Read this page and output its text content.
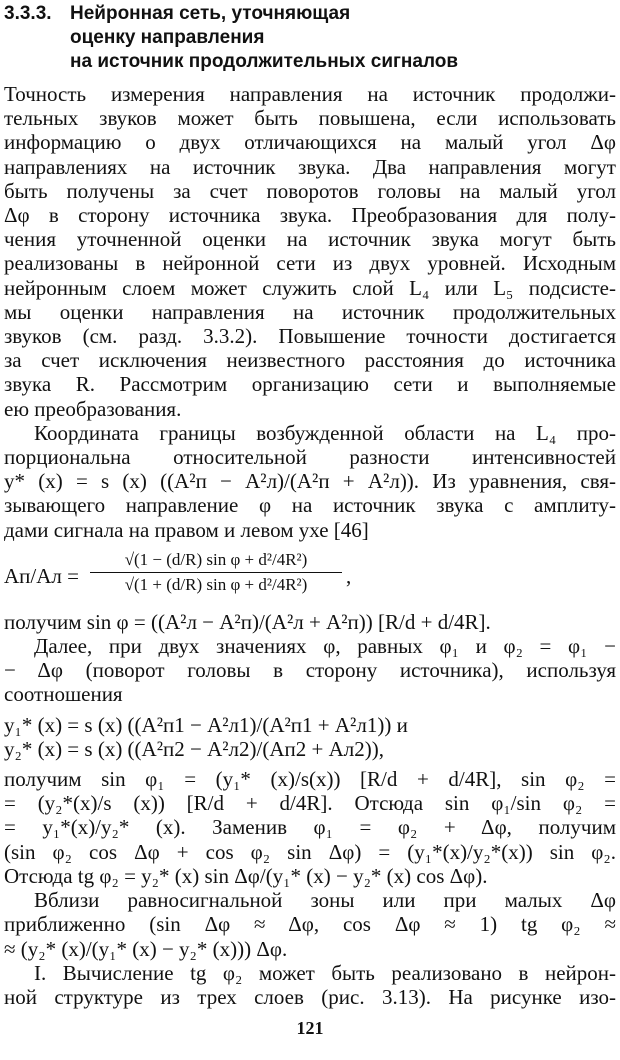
3.3.3. Нейронная сеть, уточняющая
оценку направления
на источник продолжительных сигналов
Точность измерения направления на источник продолжи-
тельных звуков может быть повышена, если использовать
информацию о двух отличающихся на малый угол Δφ
направлениях на источник звука. Два направления могут
быть получены за счет поворотов головы на малый угол
Δφ в сторону источника звука. Преобразования для полу-
чения уточненной оценки на источник звука могут быть
реализованы в нейронной сети из двух уровней. Исходным
нейронным слоем может служить слой L₄ или L₅ подсисте-
мы оценки направления на источник продолжительных
звуков (см. разд. 3.3.2). Повышение точности достигается
за счет исключения неизвестного расстояния до источника
звука R. Рассмотрим организацию сети и выполняемые
ею преобразования.
Координата границы возбужденной области на L₄ про-
порциональна относительной разности интенсивностей
y* (x) = s (x) ((A²п − A²л)/(A²п + A²л)). Из уравнения, свя-
зывающего направление φ на источник звука с амплиту-
дами сигнала на правом и левом ухе [46]
$Aп/Aл = \frac{\text{√(1 − (d/R) sin φ + d²/4R²)}}{\text{√(1 + (d/R) sin φ + d²/4R²)}}$ ,
получим sin φ = ((A²л − A²п)/(A²л + A²п)) [R/d + d/4R].
Далее, при двух значениях φ, равных φ₁ и φ₂ = φ₁ −
− Δφ (поворот головы в сторону источника), используя
соотношения
y₁* (x) = s (x) ((A²п1 − A²л1)/(A²п1 + A²л1)) и
y₂* (x) = s (x) ((A²п2 − A²л2)/(Aп2 + Aл2)),
получим sin φ₁ = (y₁* (x)/s(x)) [R/d + d/4R], sin φ₂ =
= (y₂*(x)/s (x)) [R/d + d/4R]. Отсюда sin φ₁/sin φ₂ =
= y₁*(x)/y₂* (x). Заменив φ₁ = φ₂ + Δφ, получим
(sin φ₂ cos Δφ + cos φ₂ sin Δφ) = (y₁*(x)/y₂*(x)) sin φ₂.
Отсюда tg φ₂ = y₂* (x) sin Δφ/(y₁* (x) − y₂* (x) cos Δφ).
Вблизи равносигнальной зоны или при малых Δφ
приближенно (sin Δφ ≈ Δφ, cos Δφ ≈ 1) tg φ₂ ≈
≈ (y₂* (x)/(y₁* (x) − y₂* (x))) Δφ.
I. Вычисление tg φ₂ может быть реализовано в нейрон-
ной структуре из трех слоев (рис. 3.13). На рисунке изо-
121
